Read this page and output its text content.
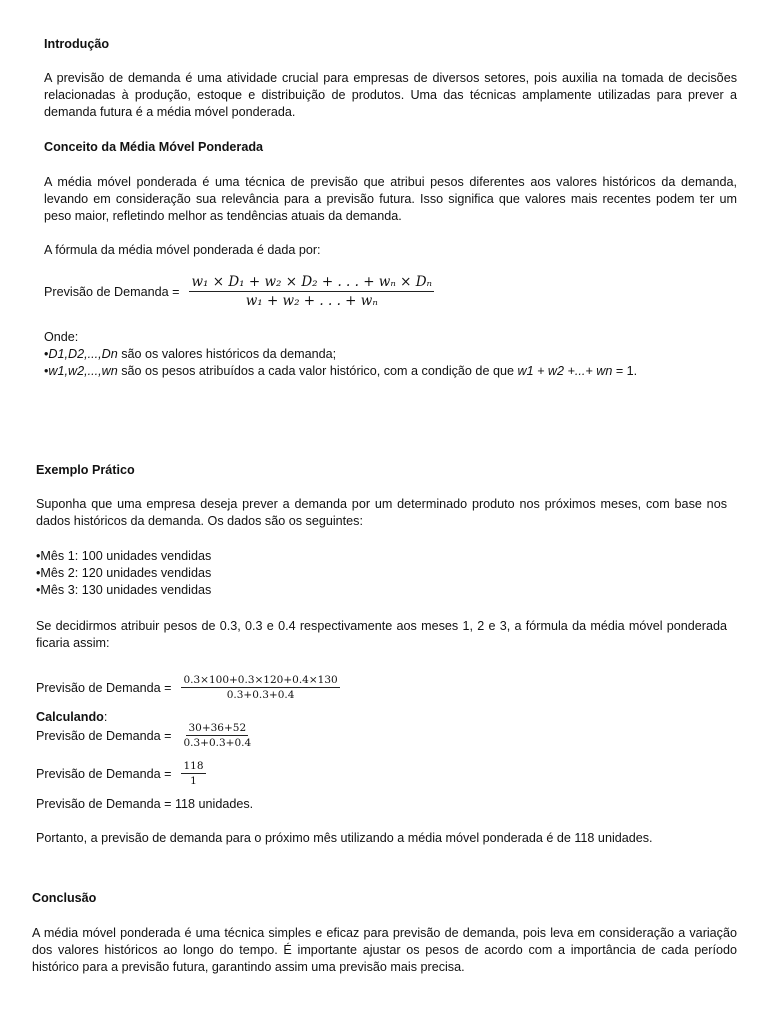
Introdução
A previsão de demanda é uma atividade crucial para empresas de diversos setores, pois auxilia na tomada de decisões relacionadas à produção, estoque e distribuição de produtos. Uma das técnicas amplamente utilizadas para prever a demanda futura é a média móvel ponderada.
Conceito da Média Móvel Ponderada
A média móvel ponderada é uma técnica de previsão que atribui pesos diferentes aos valores históricos da demanda, levando em consideração sua relevância para a previsão futura. Isso significa que valores mais recentes podem ter um peso maior, refletindo melhor as tendências atuais da demanda.
A fórmula da média móvel ponderada é dada por:
Previsão de Demanda = $\frac{\text{w₁ × D₁ + w₂ × D₂ + . . . + wₙ × Dₙ}}{\text{w₁ + w₂ + . . . + wₙ}}$
Onde:
•D1,D2,...,Dn são os valores históricos da demanda;
•w1,w2,...,wn são os pesos atribuídos a cada valor histórico, com a condição de que w1 + w2 +...+ wn = 1.
Exemplo Prático
Suponha que uma empresa deseja prever a demanda por um determinado produto nos próximos meses, com base nos dados históricos da demanda. Os dados são os seguintes:
•Mês 1: 100 unidades vendidas
•Mês 2: 120 unidades vendidas
•Mês 3: 130 unidades vendidas
Se decidirmos atribuir pesos de 0.3, 0.3 e 0.4 respectivamente aos meses 1, 2 e 3, a fórmula da média móvel ponderada ficaria assim:
Previsão de Demanda = $\frac{0.3\times 100+0.3\times 120+0.4\times 130}{0.3+0.3+0.4}$
Calculando:
Previsão de Demanda = $\frac{30+36+52}{0.3+0.3+0.4}$
Previsão de Demanda = $\frac{118}{1}$
Previsão de Demanda = 118 unidades.
Portanto, a previsão de demanda para o próximo mês utilizando a média móvel ponderada é de 118 unidades.
Conclusão
A média móvel ponderada é uma técnica simples e eficaz para previsão de demanda, pois leva em consideração a variação dos valores históricos ao longo do tempo. É importante ajustar os pesos de acordo com a importância de cada período histórico para a previsão futura, garantindo assim uma previsão mais precisa.
